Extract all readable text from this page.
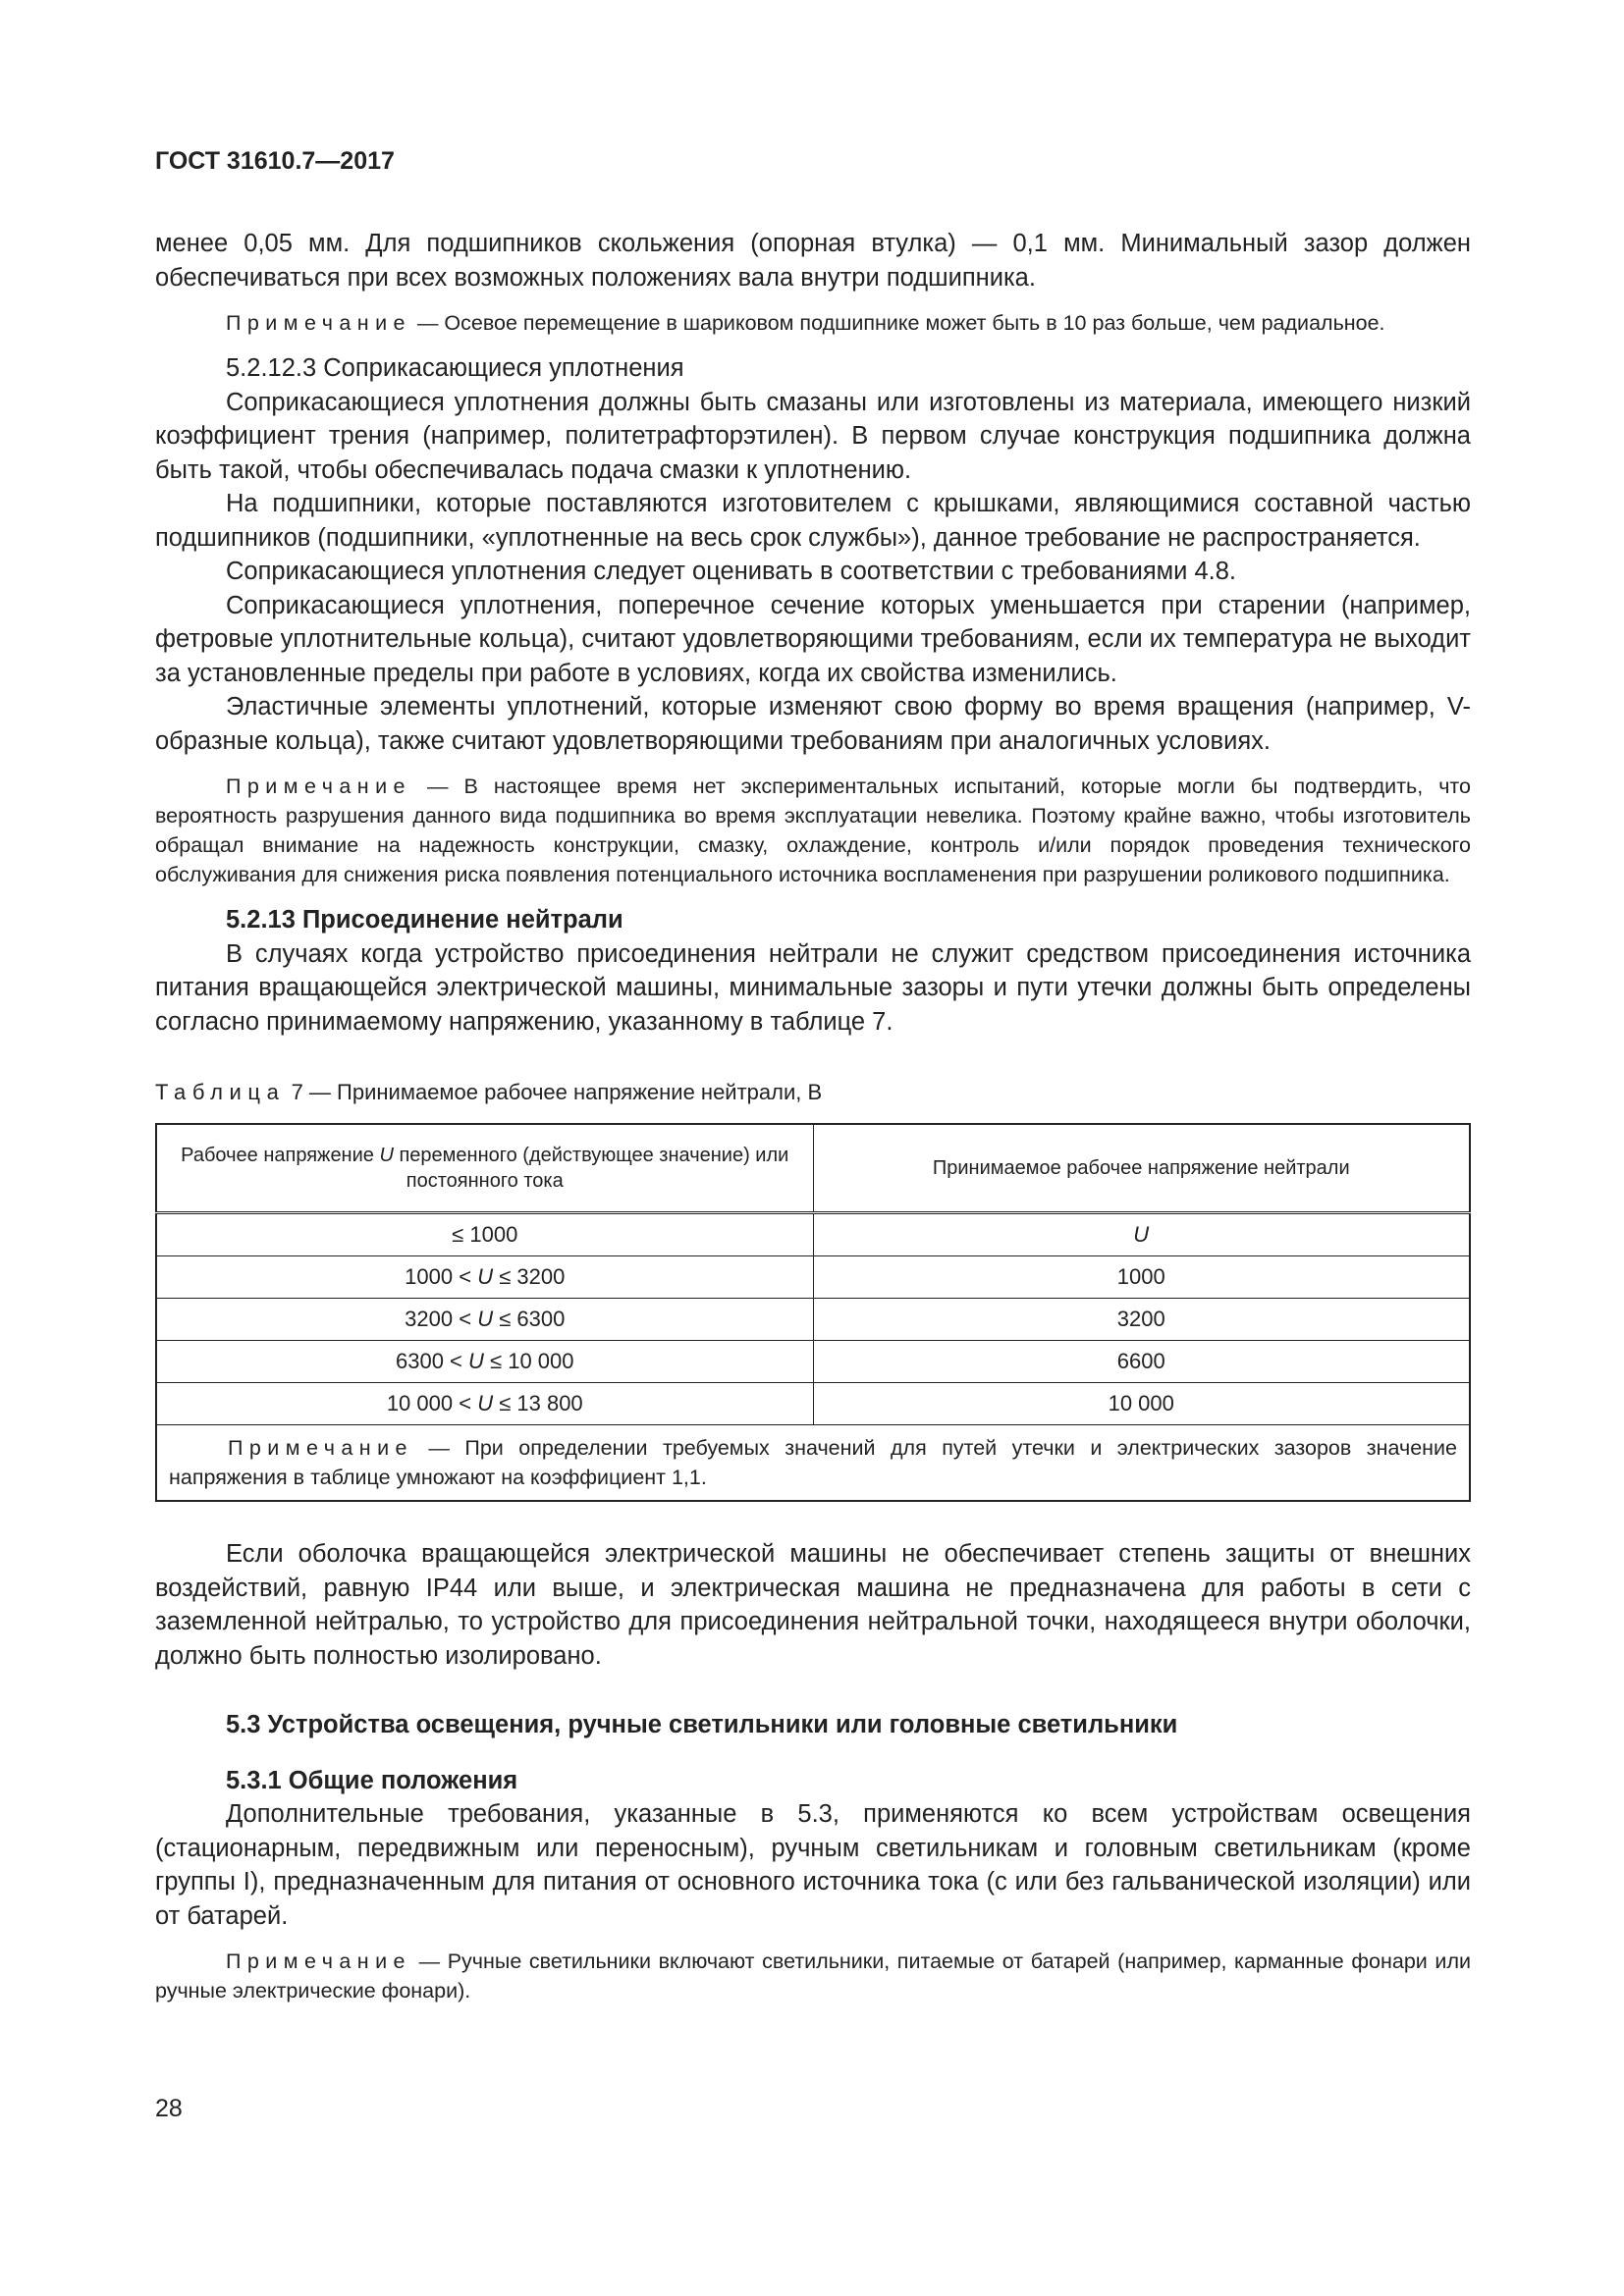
ГОСТ 31610.7—2017

менее 0,05 мм. Для подшипников скольжения (опорная втулка) — 0,1 мм. Минимальный зазор должен обеспечиваться при всех возможных положениях вала внутри подшипника.

Примечание — Осевое перемещение в шариковом подшипнике может быть в 10 раз больше, чем радиальное.

5.2.12.3 Соприкасающиеся уплотнения

Соприкасающиеся уплотнения должны быть смазаны или изготовлены из материала, имеющего низкий коэффициент трения (например, политетрафторэтилен). В первом случае конструкция подшипника должна быть такой, чтобы обеспечивалась подача смазки к уплотнению.

На подшипники, которые поставляются изготовителем с крышками, являющимися составной частью подшипников (подшипники, «уплотненные на весь срок службы»), данное требование не распространяется.

Соприкасающиеся уплотнения следует оценивать в соответствии с требованиями 4.8.

Соприкасающиеся уплотнения, поперечное сечение которых уменьшается при старении (например, фетровые уплотнительные кольца), считают удовлетворяющими требованиям, если их температура не выходит за установленные пределы при работе в условиях, когда их свойства изменились.

Эластичные элементы уплотнений, которые изменяют свою форму во время вращения (например, V-образные кольца), также считают удовлетворяющими требованиям при аналогичных условиях.

Примечание — В настоящее время нет экспериментальных испытаний, которые могли бы подтвердить, что вероятность разрушения данного вида подшипника во время эксплуатации невелика. Поэтому крайне важно, чтобы изготовитель обращал внимание на надежность конструкции, смазку, охлаждение, контроль и/или порядок проведения технического обслуживания для снижения риска появления потенциального источника воспламенения при разрушении роликового подшипника.
5.2.13 Присоединение нейтрали

В случаях когда устройство присоединения нейтрали не служит средством присоединения источника питания вращающейся электрической машины, минимальные зазоры и пути утечки должны быть определены согласно принимаемому напряжению, указанному в таблице 7.

Таблица 7 — Принимаемое рабочее напряжение нейтрали, В
Рабочее напряжение U переменного (действующее значение) или постоянного тока	Принимаемое рабочее напряжение нейтрали
≤ 1000	U
1000 < U ≤ 3200	1000
3200 < U ≤ 6300	3200
6300 < U ≤ 10 000	6600
10 000 < U ≤ 13 800	10 000
Примечание — При определении требуемых значений для путей утечки и электрических зазоров значение напряжения в таблице умножают на коэффициент 1,1.	

Если оболочка вращающейся электрической машины не обеспечивает степень защиты от внешних воздействий, равную IP44 или выше, и электрическая машина не предназначена для работы в сети с заземленной нейтралью, то устройство для присоединения нейтральной точки, находящееся внутри оболочки, должно быть полностью изолировано.

5.3 Устройства освещения, ручные светильники или головные светильники
5.3.1 Общие положения

Дополнительные требования, указанные в 5.3, применяются ко всем устройствам освещения (стационарным, передвижным или переносным), ручным светильникам и головным светильникам (кроме группы I), предназначенным для питания от основного источника тока (с или без гальванической изоляции) или от батарей.

Примечание — Ручные светильники включают светильники, питаемые от батарей (например, карманные фонари или ручные электрические фонари).
28
